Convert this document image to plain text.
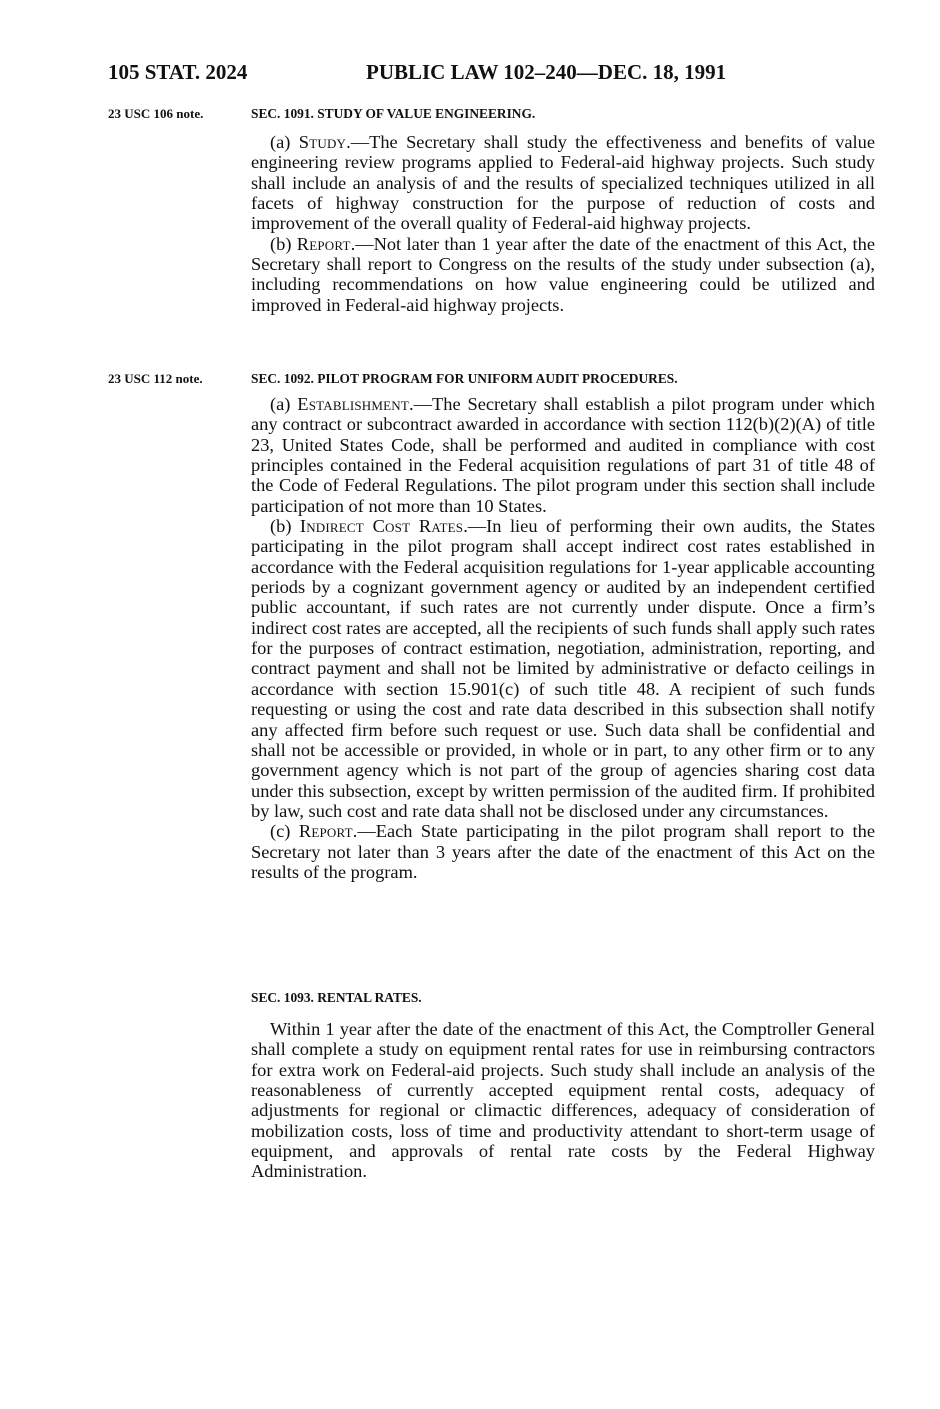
105 STAT. 2024	PUBLIC LAW 102–240—DEC. 18, 1991
23 USC 106 note.	SEC. 1091. STUDY OF VALUE ENGINEERING.

(a) Study.—The Secretary shall study the effectiveness and benefits of value engineering review programs applied to Federal-aid highway projects. Such study shall include an analysis of and the results of specialized techniques utilized in all facets of highway construction for the purpose of reduction of costs and improvement of the overall quality of Federal-aid highway projects.

(b) Report.—Not later than 1 year after the date of the enactment of this Act, the Secretary shall report to Congress on the results of the study under subsection (a), including recommendations on how value engineering could be utilized and improved in Federal-aid highway projects.

23 USC 112 note.	SEC. 1092. PILOT PROGRAM FOR UNIFORM AUDIT PROCEDURES.

(a) Establishment.—The Secretary shall establish a pilot program under which any contract or subcontract awarded in accordance with section 112(b)(2)(A) of title 23, United States Code, shall be performed and audited in compliance with cost principles contained in the Federal acquisition regulations of part 31 of title 48 of the Code of Federal Regulations. The pilot program under this section shall include participation of not more than 10 States.

(b) Indirect Cost Rates.—In lieu of performing their own audits, the States participating in the pilot program shall accept indirect cost rates established in accordance with the Federal acquisition regulations for 1-year applicable accounting periods by a cognizant government agency or audited by an independent certified public accountant, if such rates are not currently under dispute. Once a firm’s indirect cost rates are accepted, all the recipients of such funds shall apply such rates for the purposes of contract estimation, negotiation, administration, reporting, and contract payment and shall not be limited by administrative or defacto ceilings in accordance with section 15.901(c) of such title 48. A recipient of such funds requesting or using the cost and rate data described in this subsection shall notify any affected firm before such request or use. Such data shall be confidential and shall not be accessible or provided, in whole or in part, to any other firm or to any government agency which is not part of the group of agencies sharing cost data under this subsection, except by written permission of the audited firm. If prohibited by law, such cost and rate data shall not be disclosed under any circumstances.

(c) Report.—Each State participating in the pilot program shall report to the Secretary not later than 3 years after the date of the enactment of this Act on the results of the program.

SEC. 1093. RENTAL RATES.

Within 1 year after the date of the enactment of this Act, the Comptroller General shall complete a study on equipment rental rates for use in reimbursing contractors for extra work on Federal-aid projects. Such study shall include an analysis of the reasonableness of currently accepted equipment rental costs, adequacy of adjustments for regional or climactic differences, adequacy of consideration of mobilization costs, loss of time and productivity attendant to short-term usage of equipment, and approvals of rental rate costs by the Federal Highway Administration.
